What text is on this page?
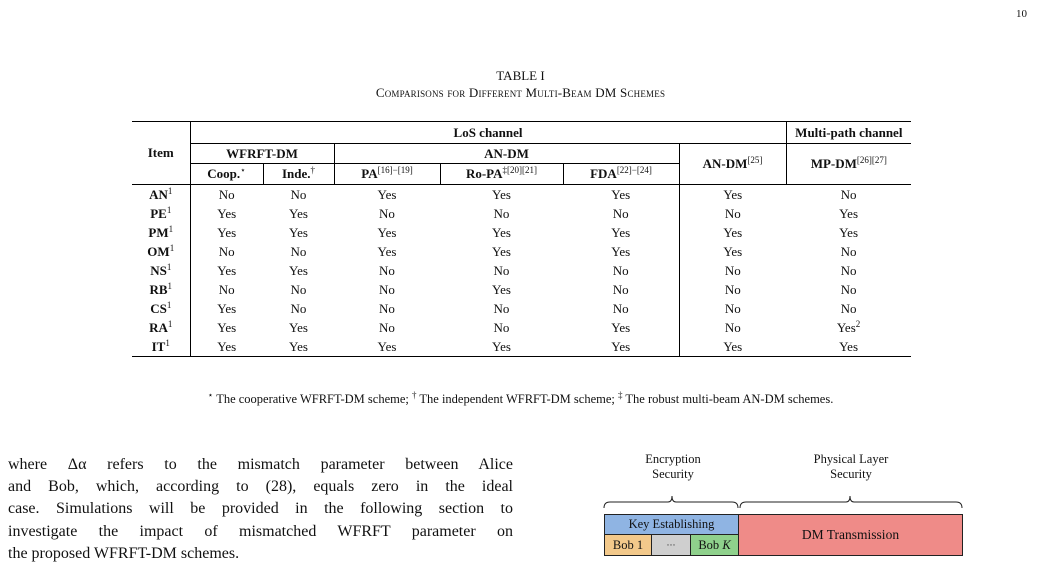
10
TABLE I
Comparisons for Different Multi-Beam DM Schemes
Item	LoS channel						Multi-path channel
	WFRFT-DM		AN-DM			AN-DM[25]	MP-DM[26][27]
	Coop.⋆	Inde.†	PA[16]−[19]	$Ro-PA^{\ddagger[20][21]}$	FDA[22]−[24]
$AN^1$	No	No	Yes	Yes	Yes	Yes	No
$PE^1$	Yes	Yes	No	No	No	No	Yes
$PM^1$	Yes	Yes	Yes	Yes	Yes	Yes	Yes
$OM^1$	No	No	Yes	Yes	Yes	Yes	No
$NS^1$	Yes	Yes	No	No	No	No	No
$RB^1$	No	No	No	Yes	No	No	No
$CS^1$	Yes	No	No	No	No	No	No
$RA^1$	Yes	Yes	No	No	Yes	No	Yes$^2$
$IT^1$	Yes	Yes	Yes	Yes	Yes	Yes	Yes
⋆ The cooperative WFRFT-DM scheme; † The independent WFRFT-DM scheme; ‡ The robust multi-beam AN-DM schemes.
where Δα refers to the mismatch parameter between Alice
and Bob, which, according to (28), equals zero in the ideal
case. Simulations will be provided in the following section to
investigate the impact of mismatched WFRFT parameter on
the proposed WFRFT-DM schemes.
Encryption
Security
Physical Layer
Security
Key Establishing
Bob 1	··· Bob K
DM Transmission
